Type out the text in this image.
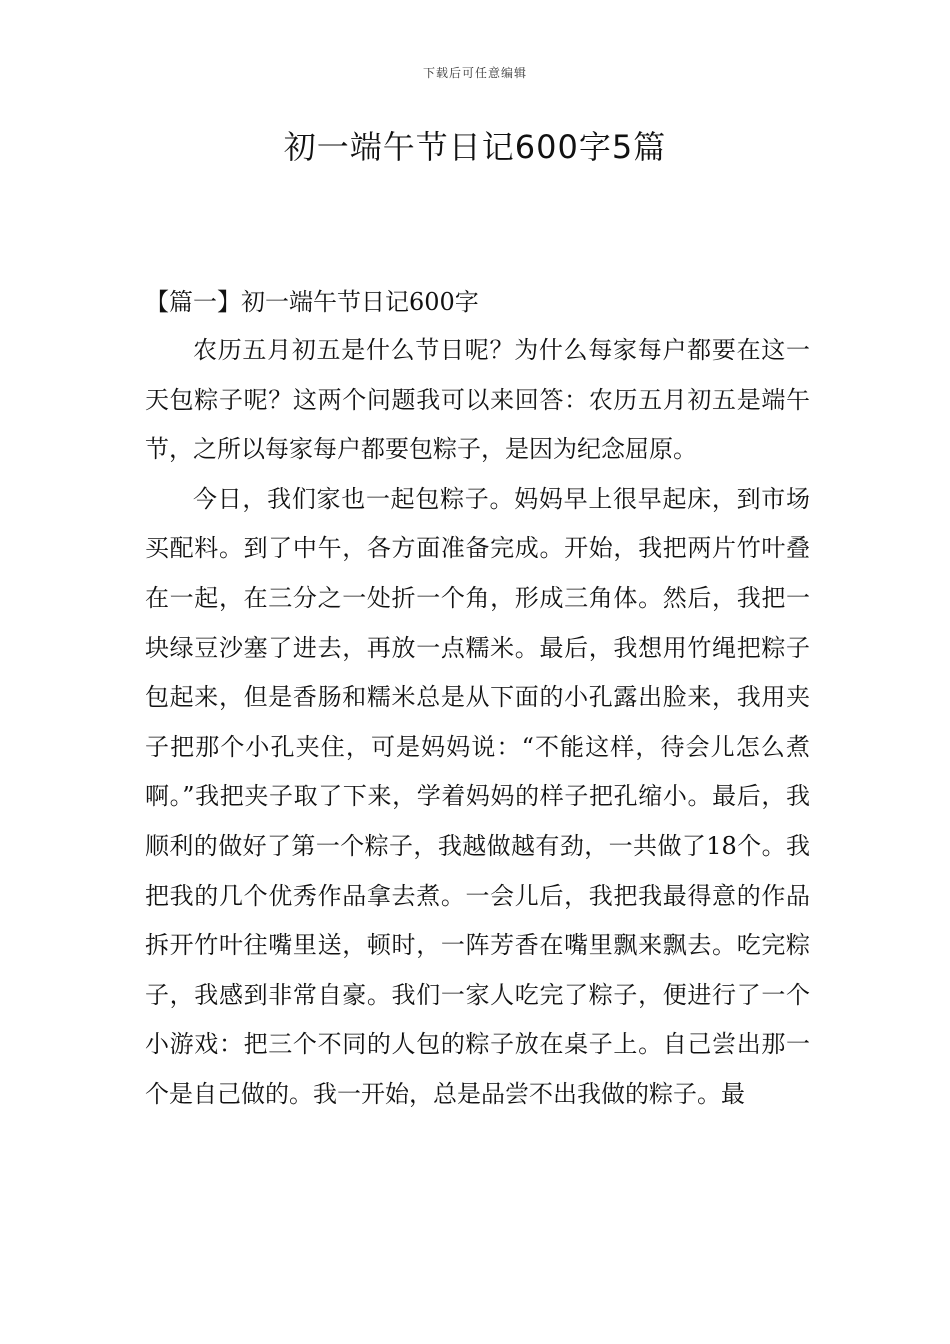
下载后可任意编辑
初一端午节日记600字5篇

【篇一】初一端午节日记600字

农历五月初五是什么节日呢？为什么每家每户都要在这一天包粽子呢？这两个问题我可以来回答：农历五月初五是端午节，之所以每家每户都要包粽子，是因为纪念屈原。

今日，我们家也一起包粽子。妈妈早上很早起床，到市场买配料。到了中午，各方面准备完成。开始，我把两片竹叶叠在一起，在三分之一处折一个角，形成三角体。然后，我把一块绿豆沙塞了进去，再放一点糯米。最后，我想用竹绳把粽子包起来，但是香肠和糯米总是从下面的小孔露出脸来，我用夹子把那个小孔夹住，可是妈妈说：“不能这样，待会儿怎么煮啊。”我把夹子取了下来，学着妈妈的样子把孔缩小。最后，我顺利的做好了第一个粽子，我越做越有劲，一共做了18个。我把我的几个优秀作品拿去煮。一会儿后，我把我最得意的作品拆开竹叶往嘴里送，顿时，一阵芳香在嘴里飘来飘去。吃完粽子，我感到非常自豪。我们一家人吃完了粽子，便进行了一个小游戏：把三个不同的人包的粽子放在桌子上。自己尝出那一个是自己做的。我一开始，总是品尝不出我做的粽子。最
